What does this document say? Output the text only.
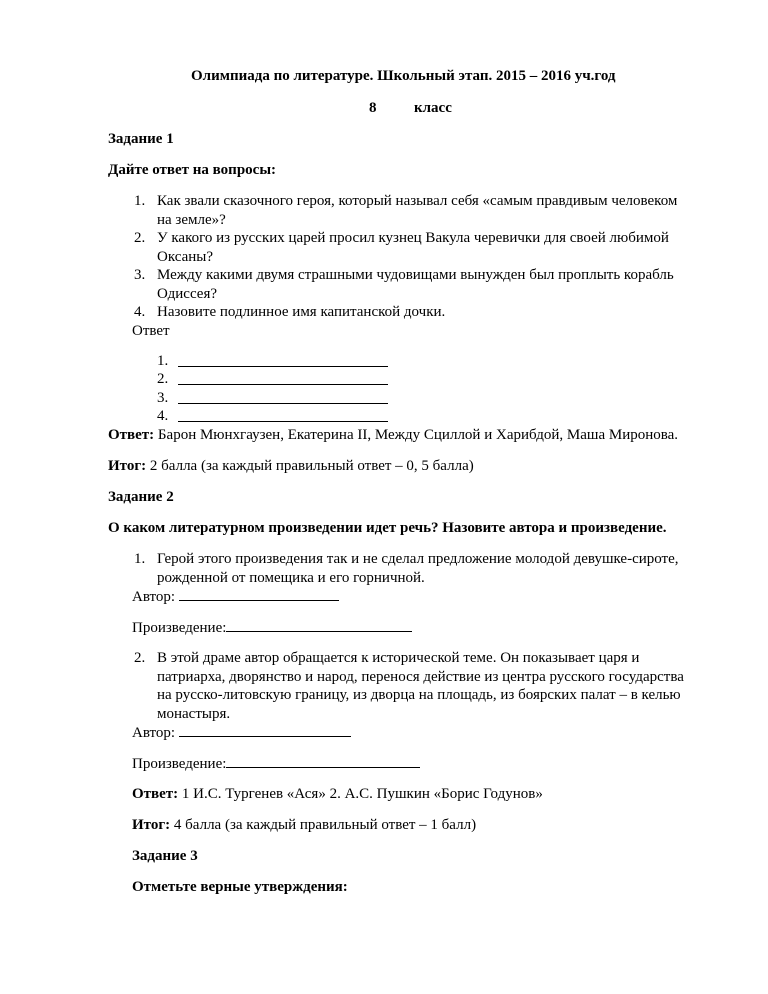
Олимпиада по литературе. Школьный этап. 2015 – 2016 уч.год
8	класс
Задание 1
Дайте ответ на вопросы:
1. Как звали сказочного героя, который называл себя «самым правдивым человеком
на земле»?
2. У какого из русских царей просил кузнец Вакула черевички для своей любимой
Оксаны?
3. Между какими двумя страшными чудовищами вынужден был проплыть корабль
Одиссея?
4. Назовите подлинное имя капитанской дочки.
Ответ
1.
2.
3.
4.
Ответ: Барон Мюнхгаузен, Екатерина II, Между Сциллой и Харибдой, Маша Миронова.
Итог: 2 балла (за каждый правильный ответ – 0, 5 балла)
Задание 2
О каком литературном произведении идет речь? Назовите автора и произведение.
1. Герой этого произведения так и не сделал предложение молодой девушке-сироте,
рожденной от помещика и его горничной.
Автор:
Произведение:
2. В этой драме автор обращается к исторической теме. Он показывает царя и
патриарха, дворянство и народ, перенося действие из центра русского государства
на русско-литовскую границу, из дворца на площадь, из боярских палат – в келью
монастыря.
Автор:
Произведение:
Ответ: 1 И.С. Тургенев «Ася» 2. А.С. Пушкин «Борис Годунов»
Итог: 4 балла (за каждый правильный ответ – 1 балл)
Задание 3
Отметьте верные утверждения:
